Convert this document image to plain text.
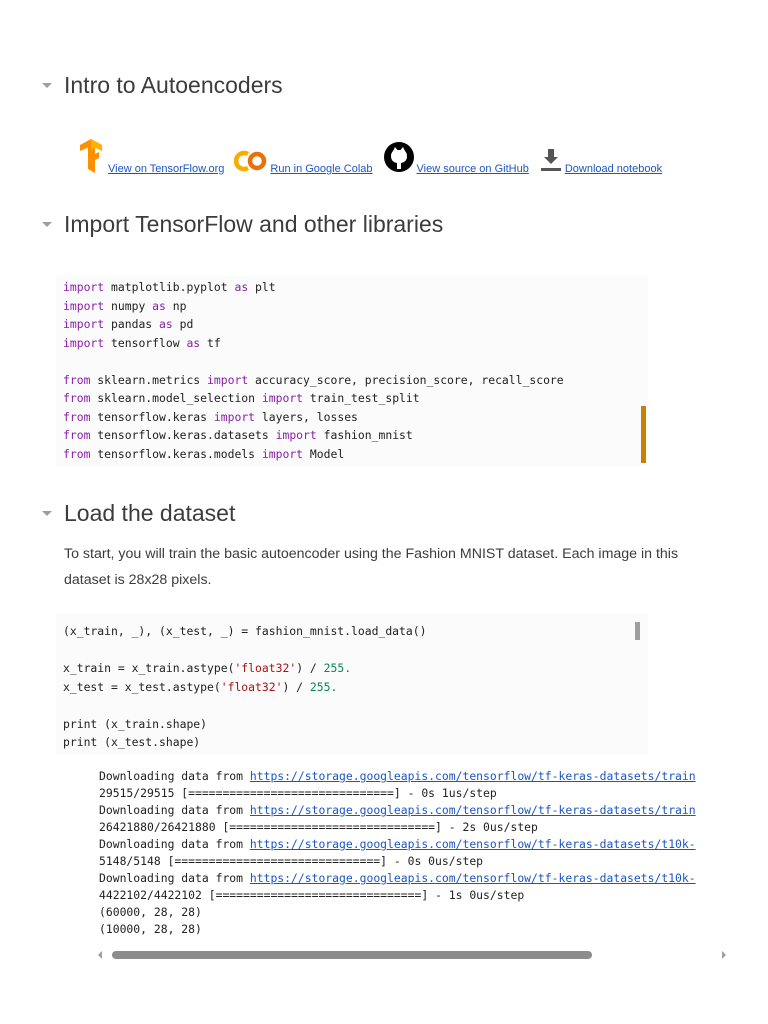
Intro to Autoencoders
View on TensorFlow.org	Run in Google Colab	View source on GitHub	Download notebook
Import TensorFlow and other libraries
import matplotlib.pyplot as plt
import numpy as np
import pandas as pd
import tensorflow as tf

from sklearn.metrics import accuracy_score, precision_score, recall_score
from sklearn.model_selection import train_test_split
from tensorflow.keras import layers, losses
from tensorflow.keras.datasets import fashion_mnist
from tensorflow.keras.models import Model
Load the dataset
To start, you will train the basic autoencoder using the Fashion MNIST dataset. Each image in this dataset is 28x28 pixels.
(x_train, _), (x_test, _) = fashion_mnist.load_data()

x_train = x_train.astype('float32') / 255.
x_test = x_test.astype('float32') / 255.

print (x_train.shape)
print (x_test.shape)
Downloading data from https://storage.googleapis.com/tensorflow/tf-keras-datasets/train
29515/29515 [==============================] - 0s 1us/step
Downloading data from https://storage.googleapis.com/tensorflow/tf-keras-datasets/train
26421880/26421880 [==============================] - 2s 0us/step
Downloading data from https://storage.googleapis.com/tensorflow/tf-keras-datasets/t10k-
5148/5148 [==============================] - 0s 0us/step
Downloading data from https://storage.googleapis.com/tensorflow/tf-keras-datasets/t10k-
4422102/4422102 [==============================] - 1s 0us/step
(60000, 28, 28)
(10000, 28, 28)
